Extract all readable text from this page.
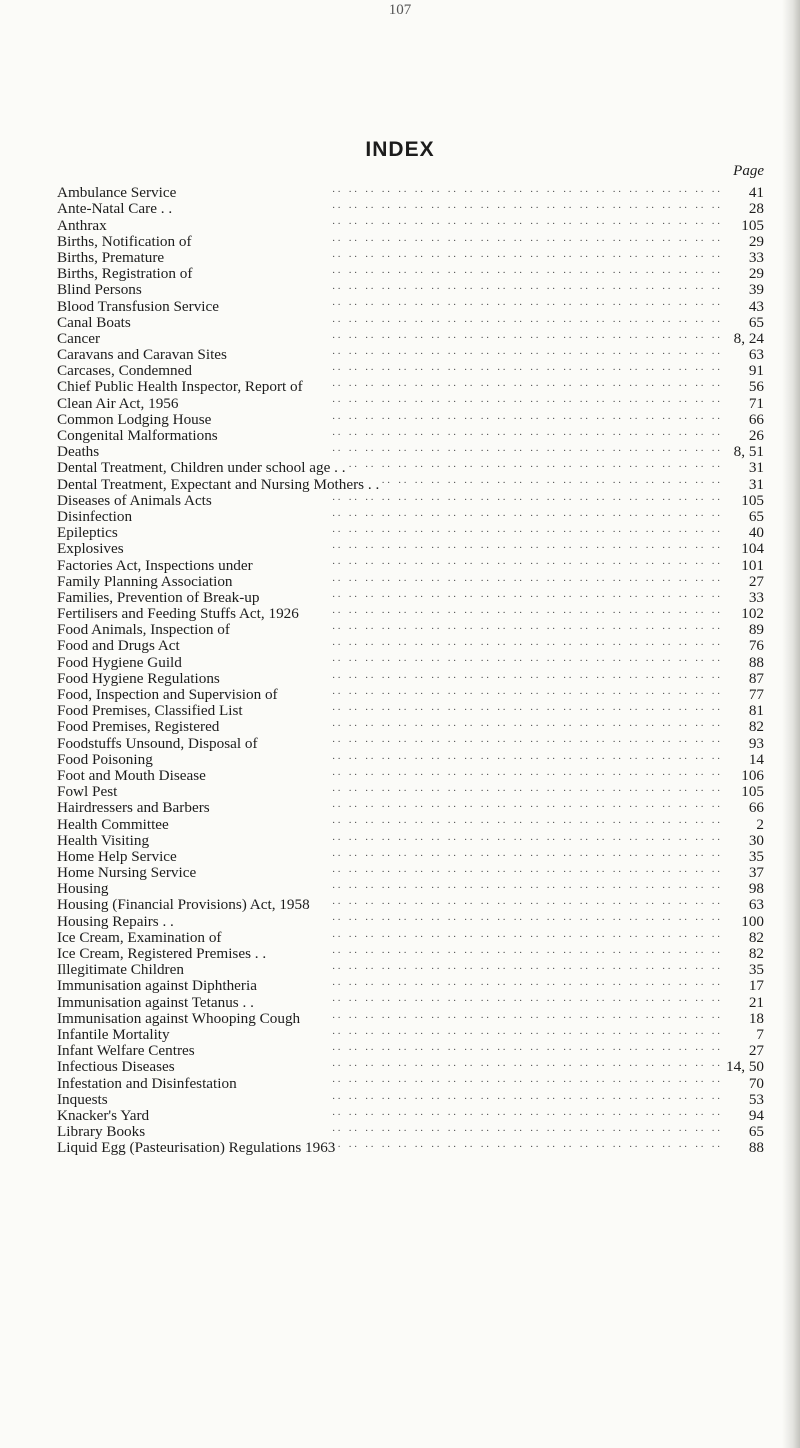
107
INDEX
Page
Ambulance Service . .	41
Ante-Natal Care . . . .	28
Anthrax . .	105
Births, Notification of . .	29
Births, Premature . .	33
Births, Registration of . .	29
Blind Persons . .	39
Blood Transfusion Service . .	43
Canal Boats . .	65
Cancer . .	8, 24
Caravans and Caravan Sites . .	63
Carcases, Condemned . .	91
Chief Public Health Inspector, Report of . .	56
Clean Air Act, 1956 . .	71
Common Lodging House . .	66
Congenital Malformations . .	26
Deaths . .	8, 51
Dental Treatment, Children under school age . . . .	31
Dental Treatment, Expectant and Nursing Mothers . . . .	31
Diseases of Animals Acts . .	105
Disinfection . .	65
Epileptics . .	40
Explosives . .	104
Factories Act, Inspections under . .	101
Family Planning Association . .	27
Families, Prevention of Break-up . .	33
Fertilisers and Feeding Stuffs Act, 1926 . .	102
Food Animals, Inspection of . .	89
Food and Drugs Act . .	76
Food Hygiene Guild . .	88
Food Hygiene Regulations . .	87
Food, Inspection and Supervision of . .	77
Food Premises, Classified List . .	81
Food Premises, Registered . .	82
Foodstuffs Unsound, Disposal of . .	93
Food Poisoning . .	14
Foot and Mouth Disease . .	106
Fowl Pest . .	105
Hairdressers and Barbers . .	66
Health Committee . .	2
Health Visiting . .	30
Home Help Service . .	35
Home Nursing Service . .	37
Housing . .	98
Housing (Financial Provisions) Act, 1958 . .	63
Housing Repairs . . . .	100
Ice Cream, Examination of . .	82
Ice Cream, Registered Premises . . . .	82
Illegitimate Children . .	35
Immunisation against Diphtheria . .	17
Immunisation against Tetanus . . . .	21
Immunisation against Whooping Cough . .	18
Infantile Mortality . .	7
Infant Welfare Centres . .	27
Infectious Diseases . .	14, 50
Infestation and Disinfestation . .	70
Inquests . .	53
Knacker's Yard . .	94
Library Books . .	65
Liquid Egg (Pasteurisation) Regulations 1963 . .	88
